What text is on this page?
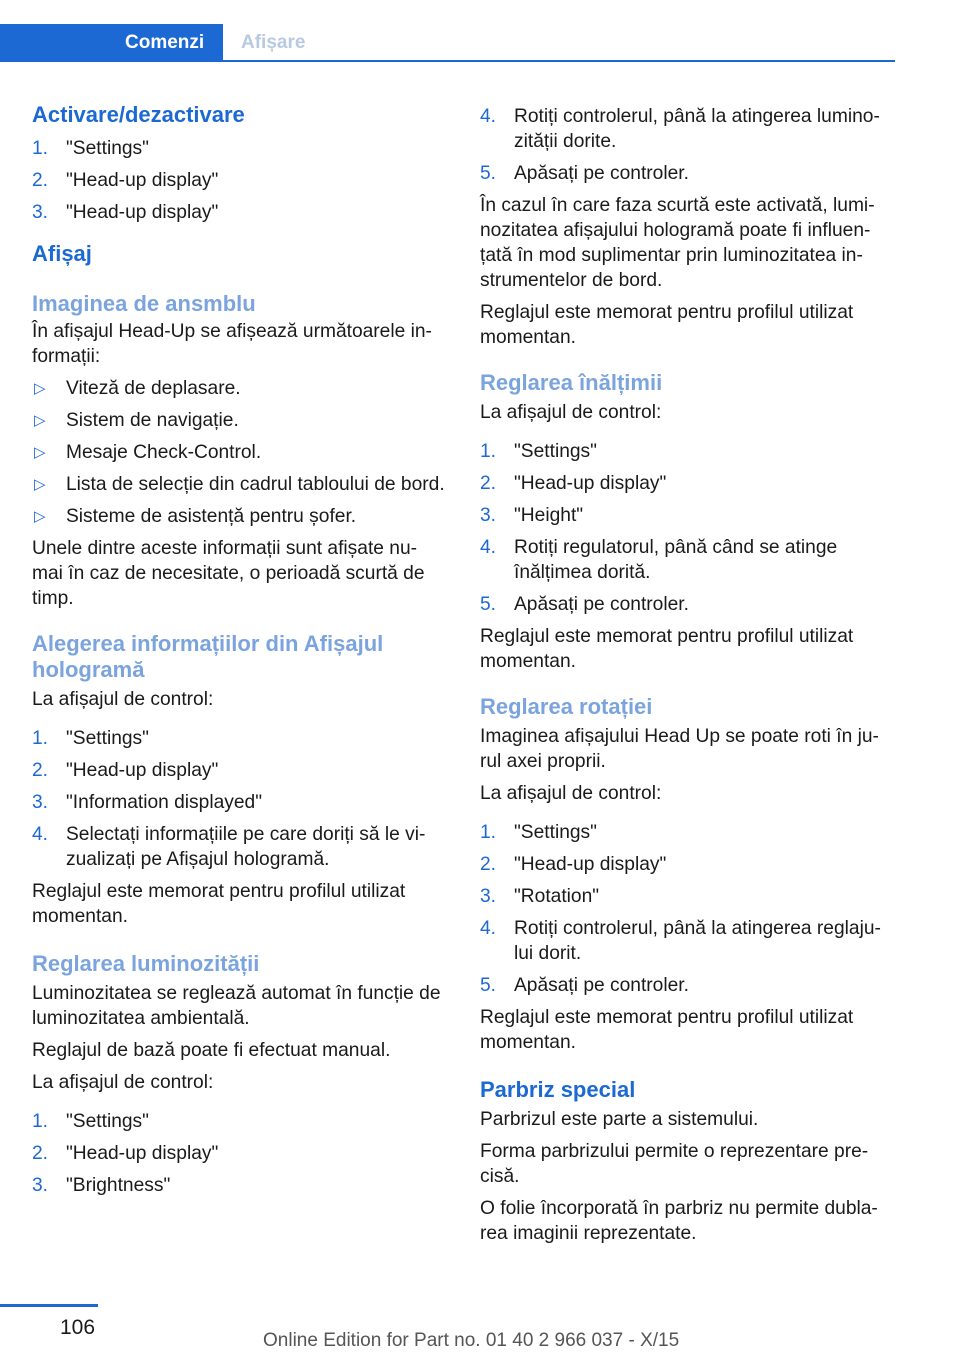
Comenzi	Afișare
Activare/dezactivare
1. "Settings"
2. "Head-up display"
3. "Head-up display"
Afișaj
Imaginea de ansmblu
În afișajul Head-Up se afișează următoarele in-formații:
▷ Viteză de deplasare.
▷ Sistem de navigație.
▷ Mesaje Check-Control.
▷ Lista de selecție din cadrul tabloului de bord.
▷ Sisteme de asistență pentru șofer.
Unele dintre aceste informații sunt afișate nu-mai în caz de necesitate, o perioadă scurtă de timp.
Alegerea informațiilor din Afișajul hologramă
La afișajul de control:
1. "Settings"
2. "Head-up display"
3. "Information displayed"
4. Selectați informațiile pe care doriți să le vi-zualizați pe Afișajul hologramă.
Reglajul este memorat pentru profilul utilizat momentan.
Reglarea luminozității
Luminozitatea se reglează automat în funcție de luminozitatea ambientală.
Reglajul de bază poate fi efectuat manual.
La afișajul de control:
1. "Settings"
2. "Head-up display"
3. "Brightness"
4. Rotiți controlerul, până la atingerea lumino-zității dorite.
5. Apăsați pe controler.
În cazul în care faza scurtă este activată, lumi-nozitatea afișajului hologramă poate fi influen-țată în mod suplimentar prin luminozitatea in-strumentelor de bord.
Reglajul este memorat pentru profilul utilizat momentan.
Reglarea înălțimii
La afișajul de control:
1. "Settings"
2. "Head-up display"
3. "Height"
4. Rotiți regulatorul, până când se atinge înălțimea dorită.
5. Apăsați pe controler.
Reglajul este memorat pentru profilul utilizat momentan.
Reglarea rotației
Imaginea afișajului Head Up se poate roti în ju-rul axei proprii.
La afișajul de control:
1. "Settings"
2. "Head-up display"
3. "Rotation"
4. Rotiți controlerul, până la atingerea reglaju-lui dorit.
5. Apăsați pe controler.
Reglajul este memorat pentru profilul utilizat momentan.
Parbriz special
Parbrizul este parte a sistemului.
Forma parbrizului permite o reprezentare pre-cisă.
O folie încorporată în parbriz nu permite dubla-rea imaginii reprezentate.
106
Online Edition for Part no. 01 40 2 966 037 - X/15
